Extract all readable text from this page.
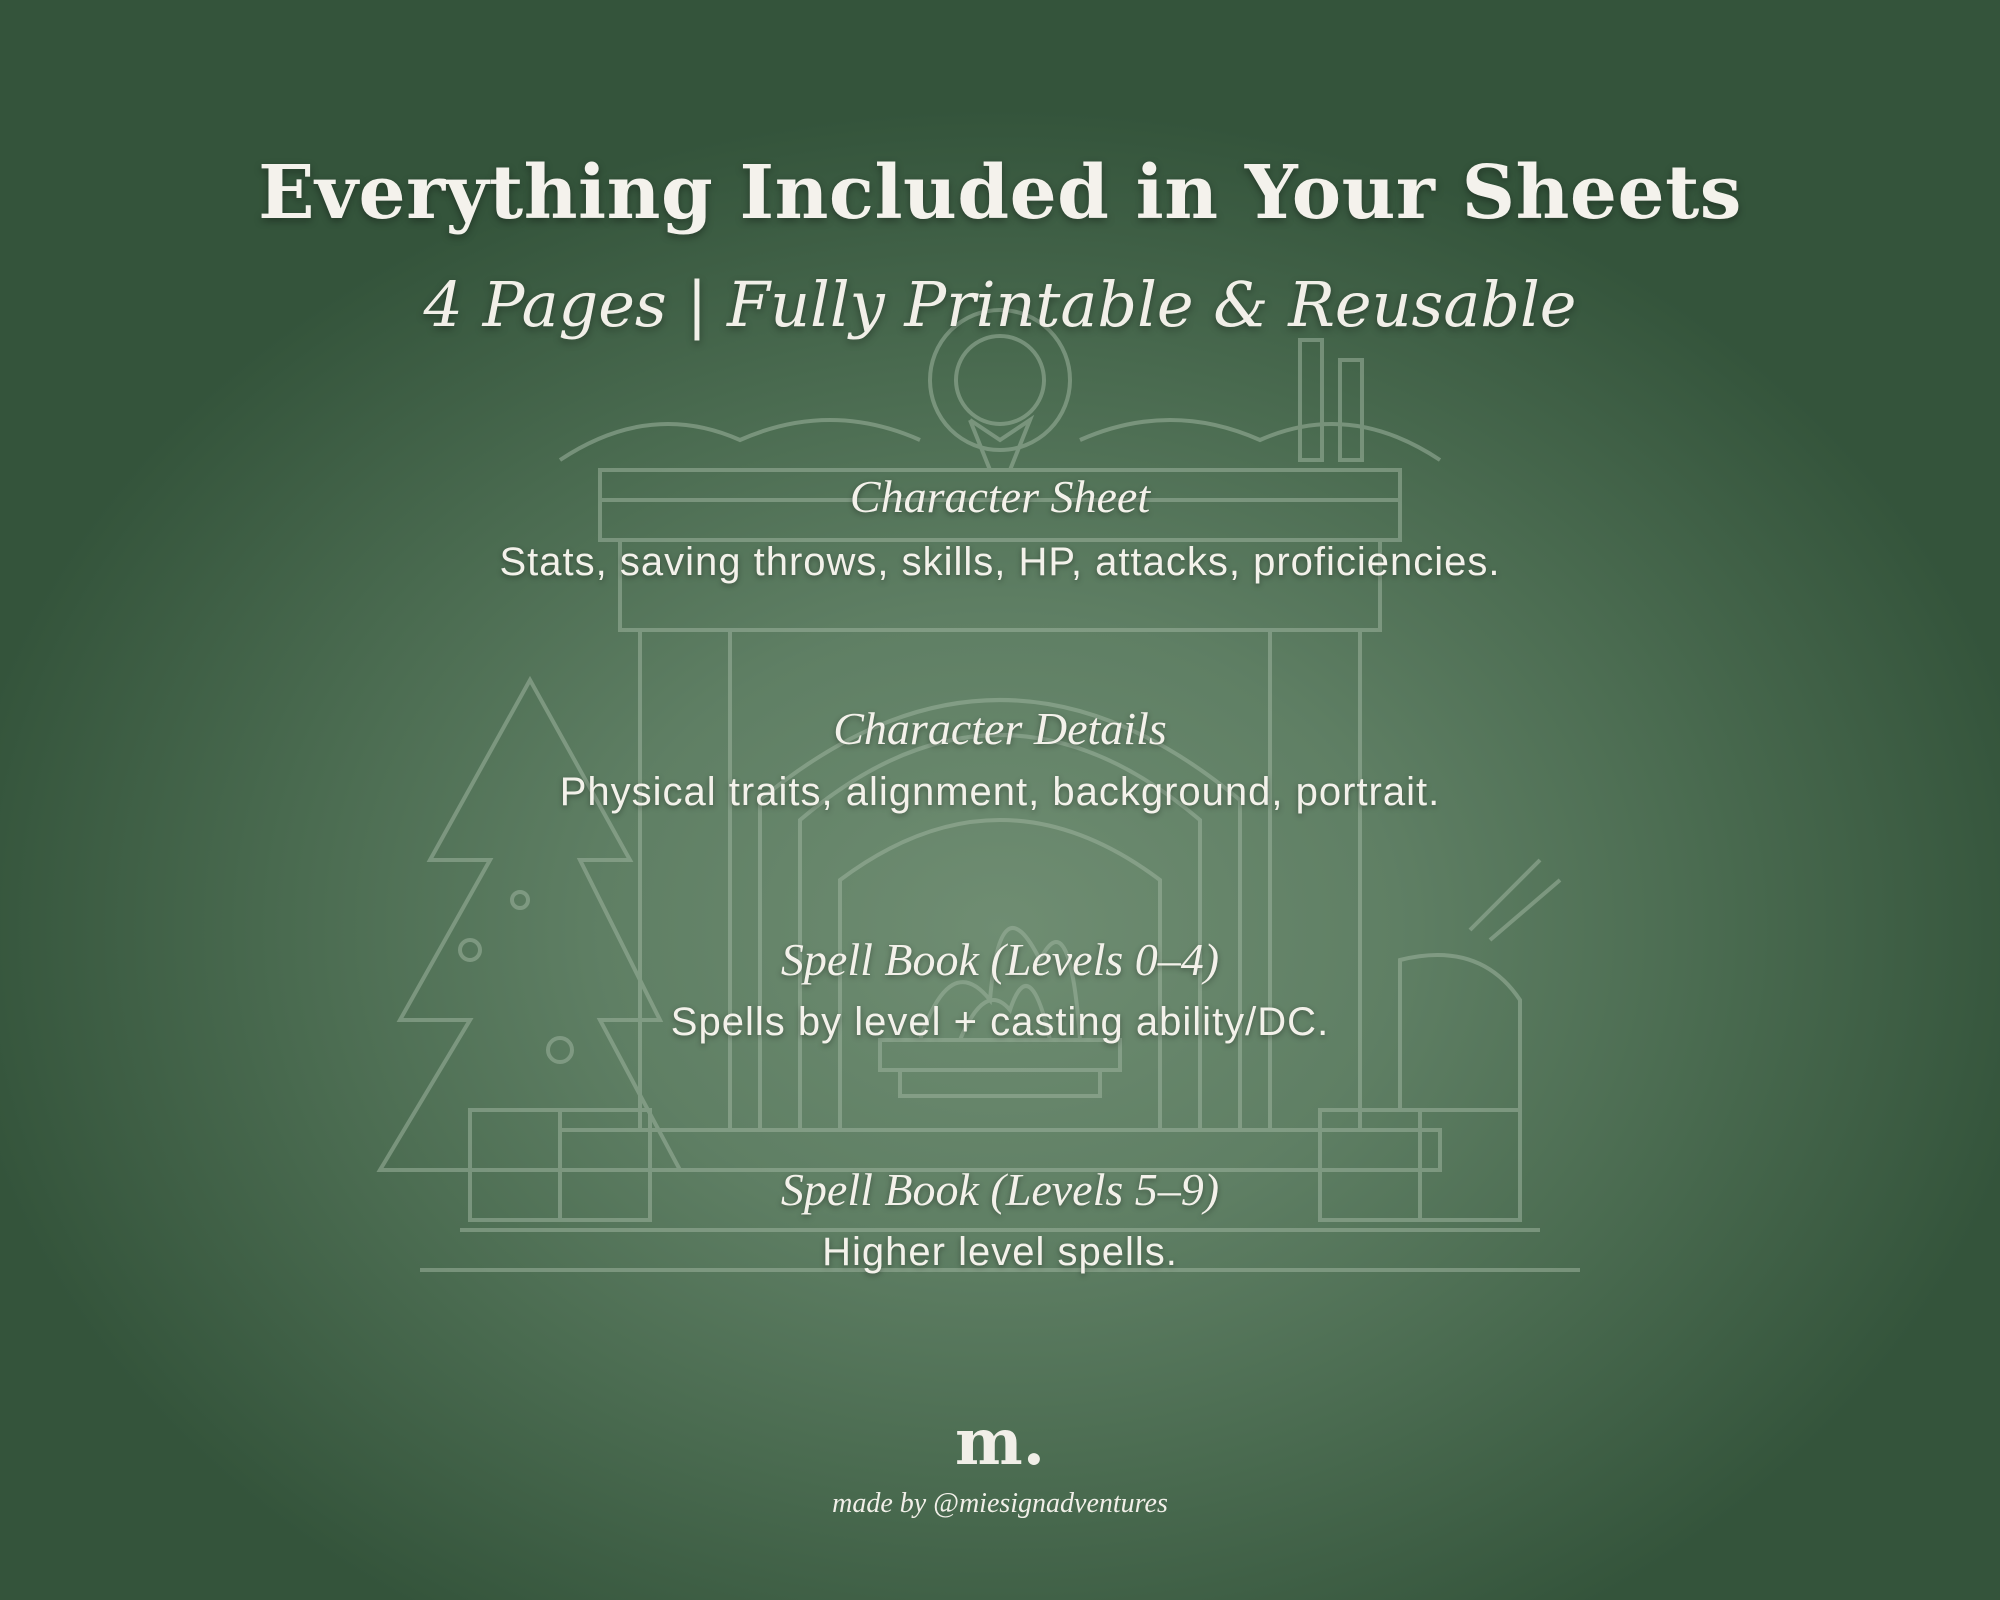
Everything Included in Your Sheets
4 Pages | Fully Printable & Reusable
Character Sheet
Stats, saving throws, skills, HP, attacks, proficiencies.
Character Details
Physical traits, alignment, background, portrait.
Spell Book (Levels 0–4)
Spells by level + casting ability/DC.
Spell Book (Levels 5–9)
Higher level spells.
m.
made by @miesignadventures
